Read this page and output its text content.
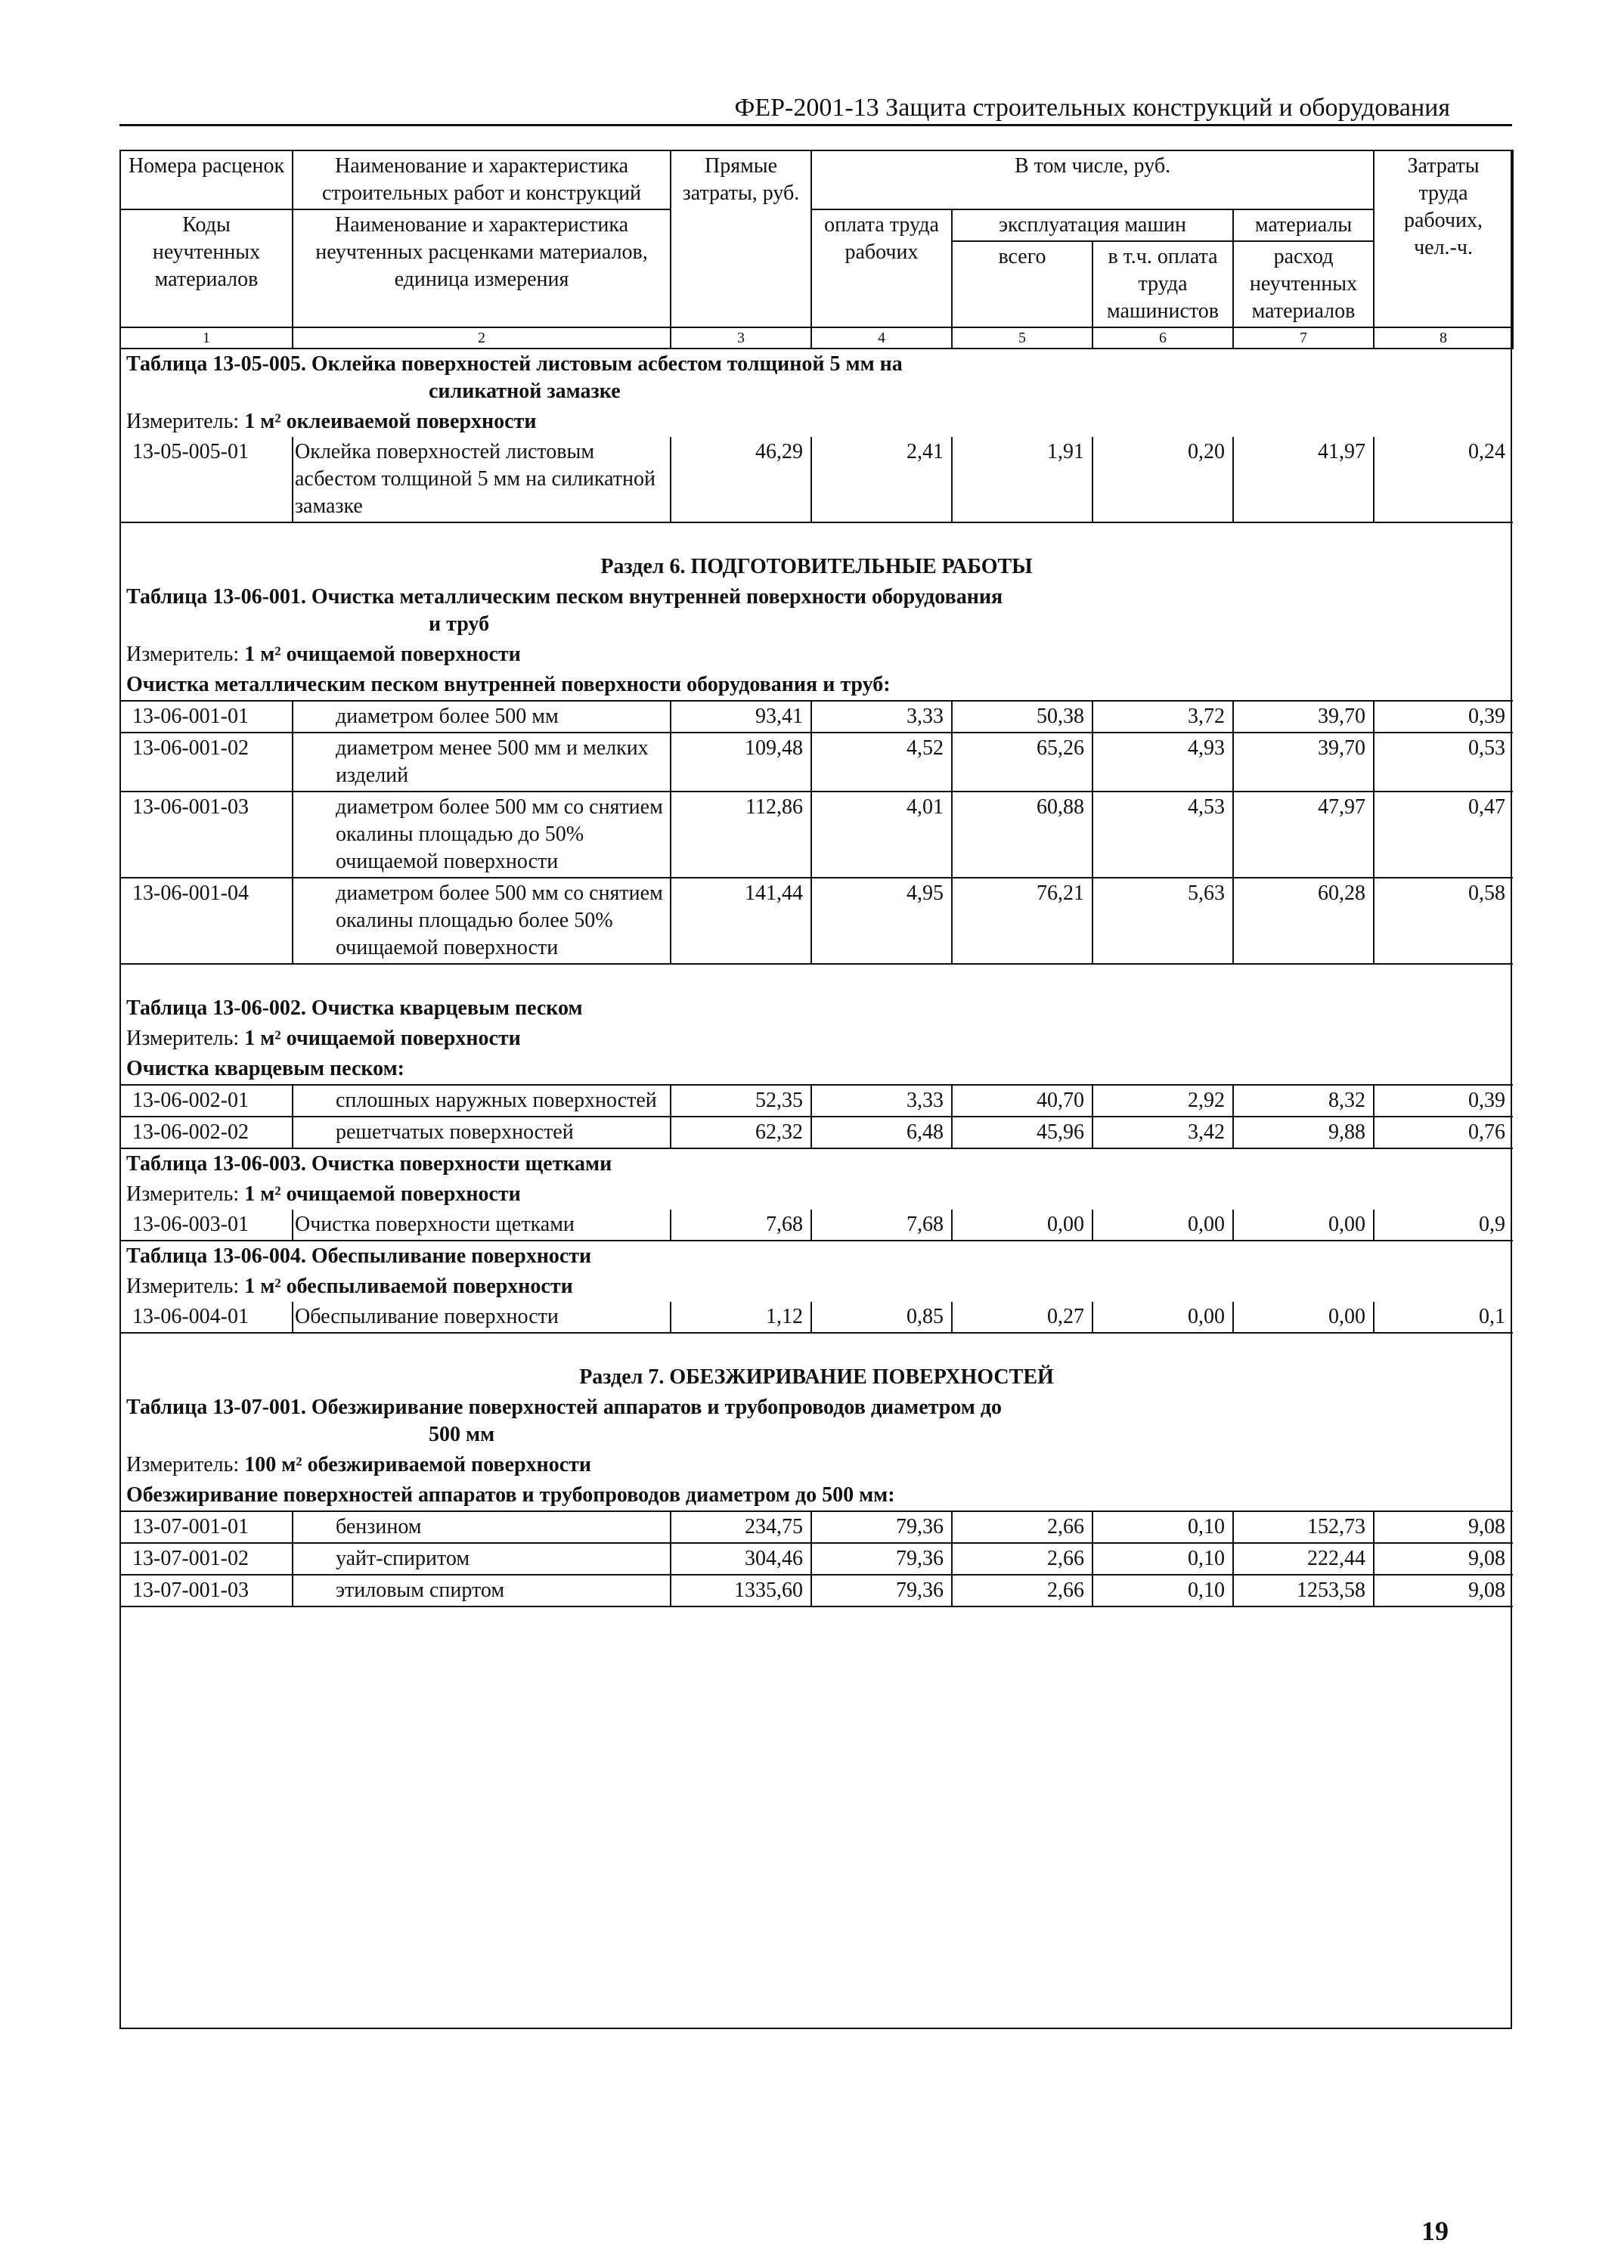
ФЕР-2001-13 Защита строительных конструкций и оборудования
Номера расценок	Наименование и характеристика строительных работ и конструкций	Прямые затраты, руб.	В том числе, руб.				Затраты труда рабочих, чел.-ч.
Коды неучтенных материалов	Наименование и характеристика неучтенных расценками материалов, единица измерения		оплата труда рабочих	эксплуатация машин		материалы	
				всего	в т.ч. оплата труда машинистов	расход неучтенных материалов	
1	2	3	4	5	6	7	8
Таблица 13-05-005. Оклейка поверхностей листовым асбестом толщиной 5 мм на
силикатной замазке							

Измеритель: 1 м² оклеиваемой поверхности							
13-05-005-01	Оклейка поверхностей листовым асбестом толщиной 5 мм на силикатной замазке	46,29	2,41	1,91	0,20	41,97	0,24
Раздел 6. ПОДГОТОВИТЕЛЬНЫЕ РАБОТЫ							
Таблица 13-06-001. Очистка металлическим песком внутренней поверхности оборудования
и труб							

Измеритель: 1 м² очищаемой поверхности							
Очистка металлическим песком внутренней поверхности оборудования и труб:							
13-06-001-01	диаметром более 500 мм	93,41	3,33	50,38	3,72	39,70	0,39
13-06-001-02	диаметром менее 500 мм и мелких изделий	109,48	4,52	65,26	4,93	39,70	0,53
13-06-001-03	диаметром более 500 мм со снятием окалины площадью до 50% очищаемой поверхности	112,86	4,01	60,88	4,53	47,97	0,47
13-06-001-04	диаметром более 500 мм со снятием окалины площадью более 50% очищаемой поверхности	141,44	4,95	76,21	5,63	60,28	0,58
Таблица 13-06-002. Очистка кварцевым песком							
Измеритель: 1 м² очищаемой поверхности							
Очистка кварцевым песком:							
13-06-002-01	сплошных наружных поверхностей	52,35	3,33	40,70	2,92	8,32	0,39
13-06-002-02	решетчатых поверхностей	62,32	6,48	45,96	3,42	9,88	0,76
Таблица 13-06-003. Очистка поверхности щетками							
Измеритель: 1 м² очищаемой поверхности							
13-06-003-01	Очистка поверхности щетками	7,68	7,68	0,00	0,00	0,00	0,9
Таблица 13-06-004. Обеспыливание поверхности							
Измеритель: 1 м² обеспыливаемой поверхности							
13-06-004-01	Обеспыливание поверхности	1,12	0,85	0,27	0,00	0,00	0,1
Раздел 7. ОБЕЗЖИРИВАНИЕ ПОВЕРХНОСТЕЙ							
Таблица 13-07-001. Обезжиривание поверхностей аппаратов и трубопроводов диаметром до
500 мм							

Измеритель: 100 м² обезжириваемой поверхности							
Обезжиривание поверхностей аппаратов и трубопроводов диаметром до 500 мм:							
13-07-001-01	бензином	234,75	79,36	2,66	0,10	152,73	9,08
13-07-001-02	уайт-спиритом	304,46	79,36	2,66	0,10	222,44	9,08
13-07-001-03	этиловым спиртом	1335,60	79,36	2,66	0,10	1253,58	9,08
19
